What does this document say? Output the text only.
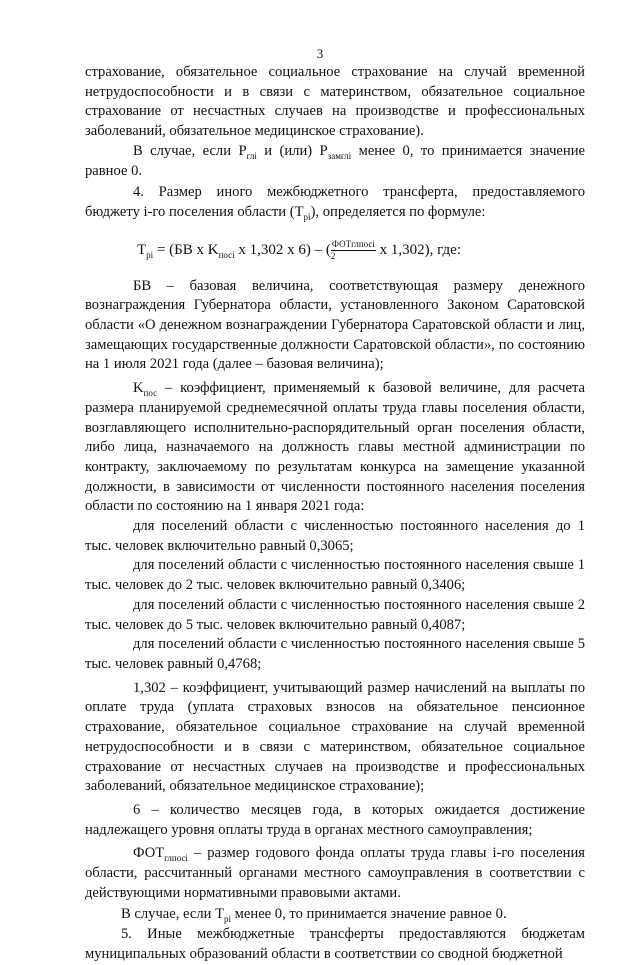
3

страхование, обязательное социальное страхование на случай временной нетрудоспособности и в связи с материнством, обязательное социальное страхование от несчастных случаев на производстве и профессиональных заболеваний, обязательное медицинское страхование).

В случае, если $P_{глi}$ и (или) $P_{замглi}$ менее 0, то принимается значение равное 0.

4. Размер иного межбюджетного трансферта, предоставляемого бюджету i-го поселения области $(T_{pi})$, определяется по формуле:

$T_{pi} = (БВ$ x $K_{посi}$ x 1,302 x 6) – ( $\frac{\text{ФОТглпосi}}{2}$ x 1,302), где:

БВ – базовая величина, соответствующая размеру денежного вознаграждения Губернатора области, установленного Законом Саратовской области «О денежном вознаграждении Губернатора Саратовской области и лиц, замещающих государственные должности Саратовской области», по состоянию на 1 июля 2021 года (далее – базовая величина);

$K_{пос}$ – коэффициент, применяемый к базовой величине, для расчета размера планируемой среднемесячной оплаты труда главы поселения области, возглавляющего исполнительно-распорядительный орган поселения области, либо лица, назначаемого на должность главы местной администрации по контракту, заключаемому по результатам конкурса на замещение указанной должности, в зависимости от численности постоянного населения поселения области по состоянию на 1 января 2021 года:

для поселений области с численностью постоянного населения до 1 тыс. человек включительно равный 0,3065;

для поселений области с численностью постоянного населения свыше 1 тыс. человек до 2 тыс. человек включительно равный 0,3406;

для поселений области с численностью постоянного населения свыше 2 тыс. человек до 5 тыс. человек включительно равный 0,4087;

для поселений области с численностью постоянного населения свыше 5 тыс. человек равный 0,4768;

1,302 – коэффициент, учитывающий размер начислений на выплаты по оплате труда (уплата страховых взносов на обязательное пенсионное страхование, обязательное социальное страхование на случай временной нетрудоспособности и в связи с материнством, обязательное социальное страхование от несчастных случаев на производстве и профессиональных заболеваний, обязательное медицинское страхование);

6 – количество месяцев года, в которых ожидается достижение надлежащего уровня оплаты труда в органах местного самоуправления;

$ФОТ_{глпосi}$ – размер годового фонда оплаты труда главы i-го поселения области, рассчитанный органами местного самоуправления в соответствии с действующими нормативными правовыми актами.

В случае, если $T_{pi}$ менее 0, то принимается значение равное 0.

5. Иные межбюджетные трансферты предоставляются бюджетам муниципальных образований области в соответствии со сводной бюджетной
